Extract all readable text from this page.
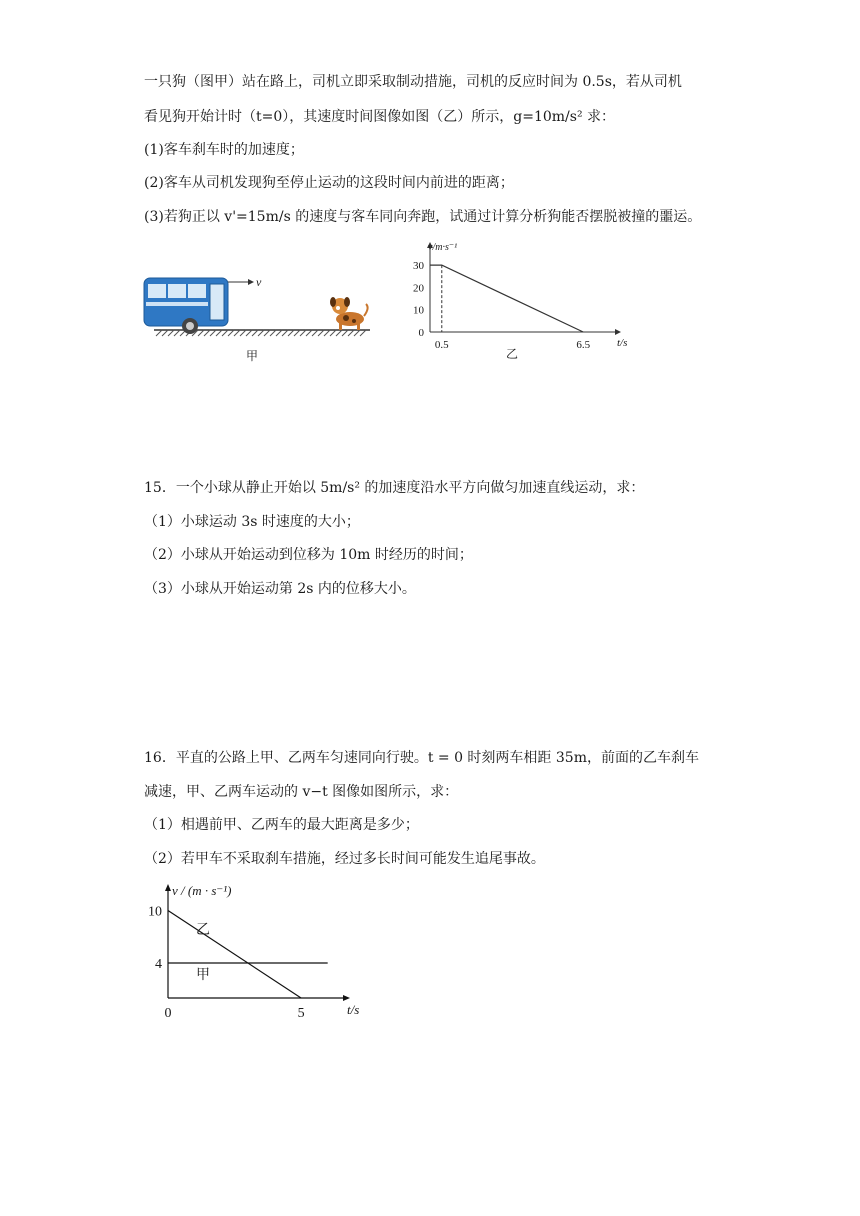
一只狗（图甲）站在路上，司机立即采取制动措施，司机的反应时间为 0.5s，若从司机
看见狗开始计时（t=0），其速度时间图像如图（乙）所示，g=10m/s² 求：
(1)客车刹车时的加速度；
(2)客车从司机发现狗至停止运动的这段时间内前进的距离；
(3)若狗正以 v'=15m/s 的速度与客车同向奔跑，试通过计算分析狗能否摆脱被撞的噩运。
v
甲
v/m·s⁻¹
t/s
30
20
10
0
0.5	6.5
乙
15．一个小球从静止开始以 5m/s² 的加速度沿水平方向做匀加速直线运动，求：
（1）小球运动 3s 时速度的大小；
（2）小球从开始运动到位移为 10m 时经历的时间；
（3）小球从开始运动第 2s 内的位移大小。
16．平直的公路上甲、乙两车匀速同向行驶。t = 0 时刻两车相距 35m，前面的乙车刹车
减速，甲、乙两车运动的 v−t 图像如图所示，求：
（1）相遇前甲、乙两车的最大距离是多少；
（2）若甲车不采取刹车措施，经过多长时间可能发生追尾事故。
v / (m · s⁻¹)
t/s
10
4
0	5
乙
甲
